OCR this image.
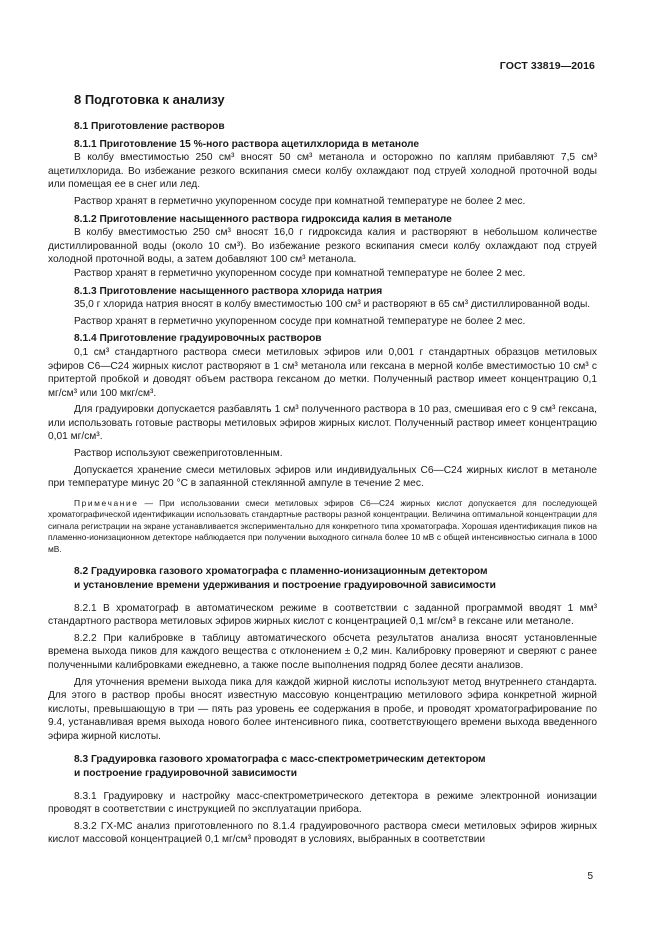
ГОСТ 33819—2016
8 Подготовка к анализу
8.1 Приготовление растворов
8.1.1 Приготовление 15 %-ного раствора ацетилхлорида в метаноле

В колбу вместимостью 250 см³ вносят 50 см³ метанола и осторожно по каплям прибавляют 7,5 см³ ацетилхлорида. Во избежание резкого вскипания смеси колбу охлаждают под струей холодной проточной воды или помещая ее в снег или лед.

Раствор хранят в герметично укупоренном сосуде при комнатной температуре не более 2 мес.

8.1.2 Приготовление насыщенного раствора гидроксида калия в метаноле

В колбу вместимостью 250 см³ вносят 16,0 г гидроксида калия и растворяют в небольшом количестве дистиллированной воды (около 10 см³). Во избежание резкого вскипания смеси колбу охлаждают под струей холодной проточной воды, а затем добавляют 100 см³ метанола.

Раствор хранят в герметично укупоренном сосуде при комнатной температуре не более 2 мес.

8.1.3 Приготовление насыщенного раствора хлорида натрия

35,0 г хлорида натрия вносят в колбу вместимостью 100 см³ и растворяют в 65 см³ дистиллированной воды.

Раствор хранят в герметично укупоренном сосуде при комнатной температуре не более 2 мес.

8.1.4 Приготовление градуировочных растворов

0,1 см³ стандартного раствора смеси метиловых эфиров или 0,001 г стандартных образцов метиловых эфиров С6—С24 жирных кислот растворяют в 1 см³ метанола или гексана в мерной колбе вместимостью 10 см³ с притертой пробкой и доводят объем раствора гексаном до метки. Полученный раствор имеет концентрацию 0,1 мг/см³ или 100 мкг/см³.

Для градуировки допускается разбавлять 1 см³ полученного раствора в 10 раз, смешивая его с 9 см³ гексана, или использовать готовые растворы метиловых эфиров жирных кислот. Полученный раствор имеет концентрацию 0,01 мг/см³.

Раствор используют свежеприготовленным.

Допускается хранение смеси метиловых эфиров или индивидуальных С6—С24 жирных кислот в метаноле при температуре минус 20 °С в запаянной стеклянной ампуле в течение 2 мес.

Примечание — При использовании смеси метиловых эфиров С6—С24 жирных кислот допускается для последующей хроматографической идентификации использовать стандартные растворы разной концентрации. Величина оптимальной концентрации для сигнала регистрации на экране устанавливается экспериментально для конкретного типа хроматографа. Хорошая идентификация пиков на пламенно-ионизационном детекторе наблюдается при получении выходного сигнала более 10 мВ с общей интенсивностью сигнала в 1000 мВ.
8.2 Градуировка газового хроматографа с пламенно-ионизационным детектором
и установление времени удерживания и построение градуировочной зависимости

8.2.1 В хроматограф в автоматическом режиме в соответствии с заданной программой вводят 1 мм³ стандартного раствора метиловых эфиров жирных кислот с концентрацией 0,1 мг/см³ в гексане или метаноле.

8.2.2 При калибровке в таблицу автоматического обсчета результатов анализа вносят установленные времена выхода пиков для каждого вещества с отклонением ± 0,2 мин. Калибровку проверяют и сверяют с ранее полученными калибровками ежедневно, а также после выполнения подряд более десяти анализов.

Для уточнения времени выхода пика для каждой жирной кислоты используют метод внутреннего стандарта. Для этого в раствор пробы вносят известную массовую концентрацию метилового эфира конкретной жирной кислоты, превышающую в три — пять раз уровень ее содержания в пробе, и проводят хроматографирование по 9.4, устанавливая время выхода нового более интенсивного пика, соответствующего времени выхода введенного эфира жирной кислоты.

8.3 Градуировка газового хроматографа с масс-спектрометрическим детектором
и построение градуировочной зависимости

8.3.1 Градуировку и настройку масс-спектрометрического детектора в режиме электронной ионизации проводят в соответствии с инструкцией по эксплуатации прибора.

8.3.2 ГХ-МС анализ приготовленного по 8.1.4 градуировочного раствора смеси метиловых эфиров жирных кислот массовой концентрацией 0,1 мг/см³ проводят в условиях, выбранных в соответствии

5
